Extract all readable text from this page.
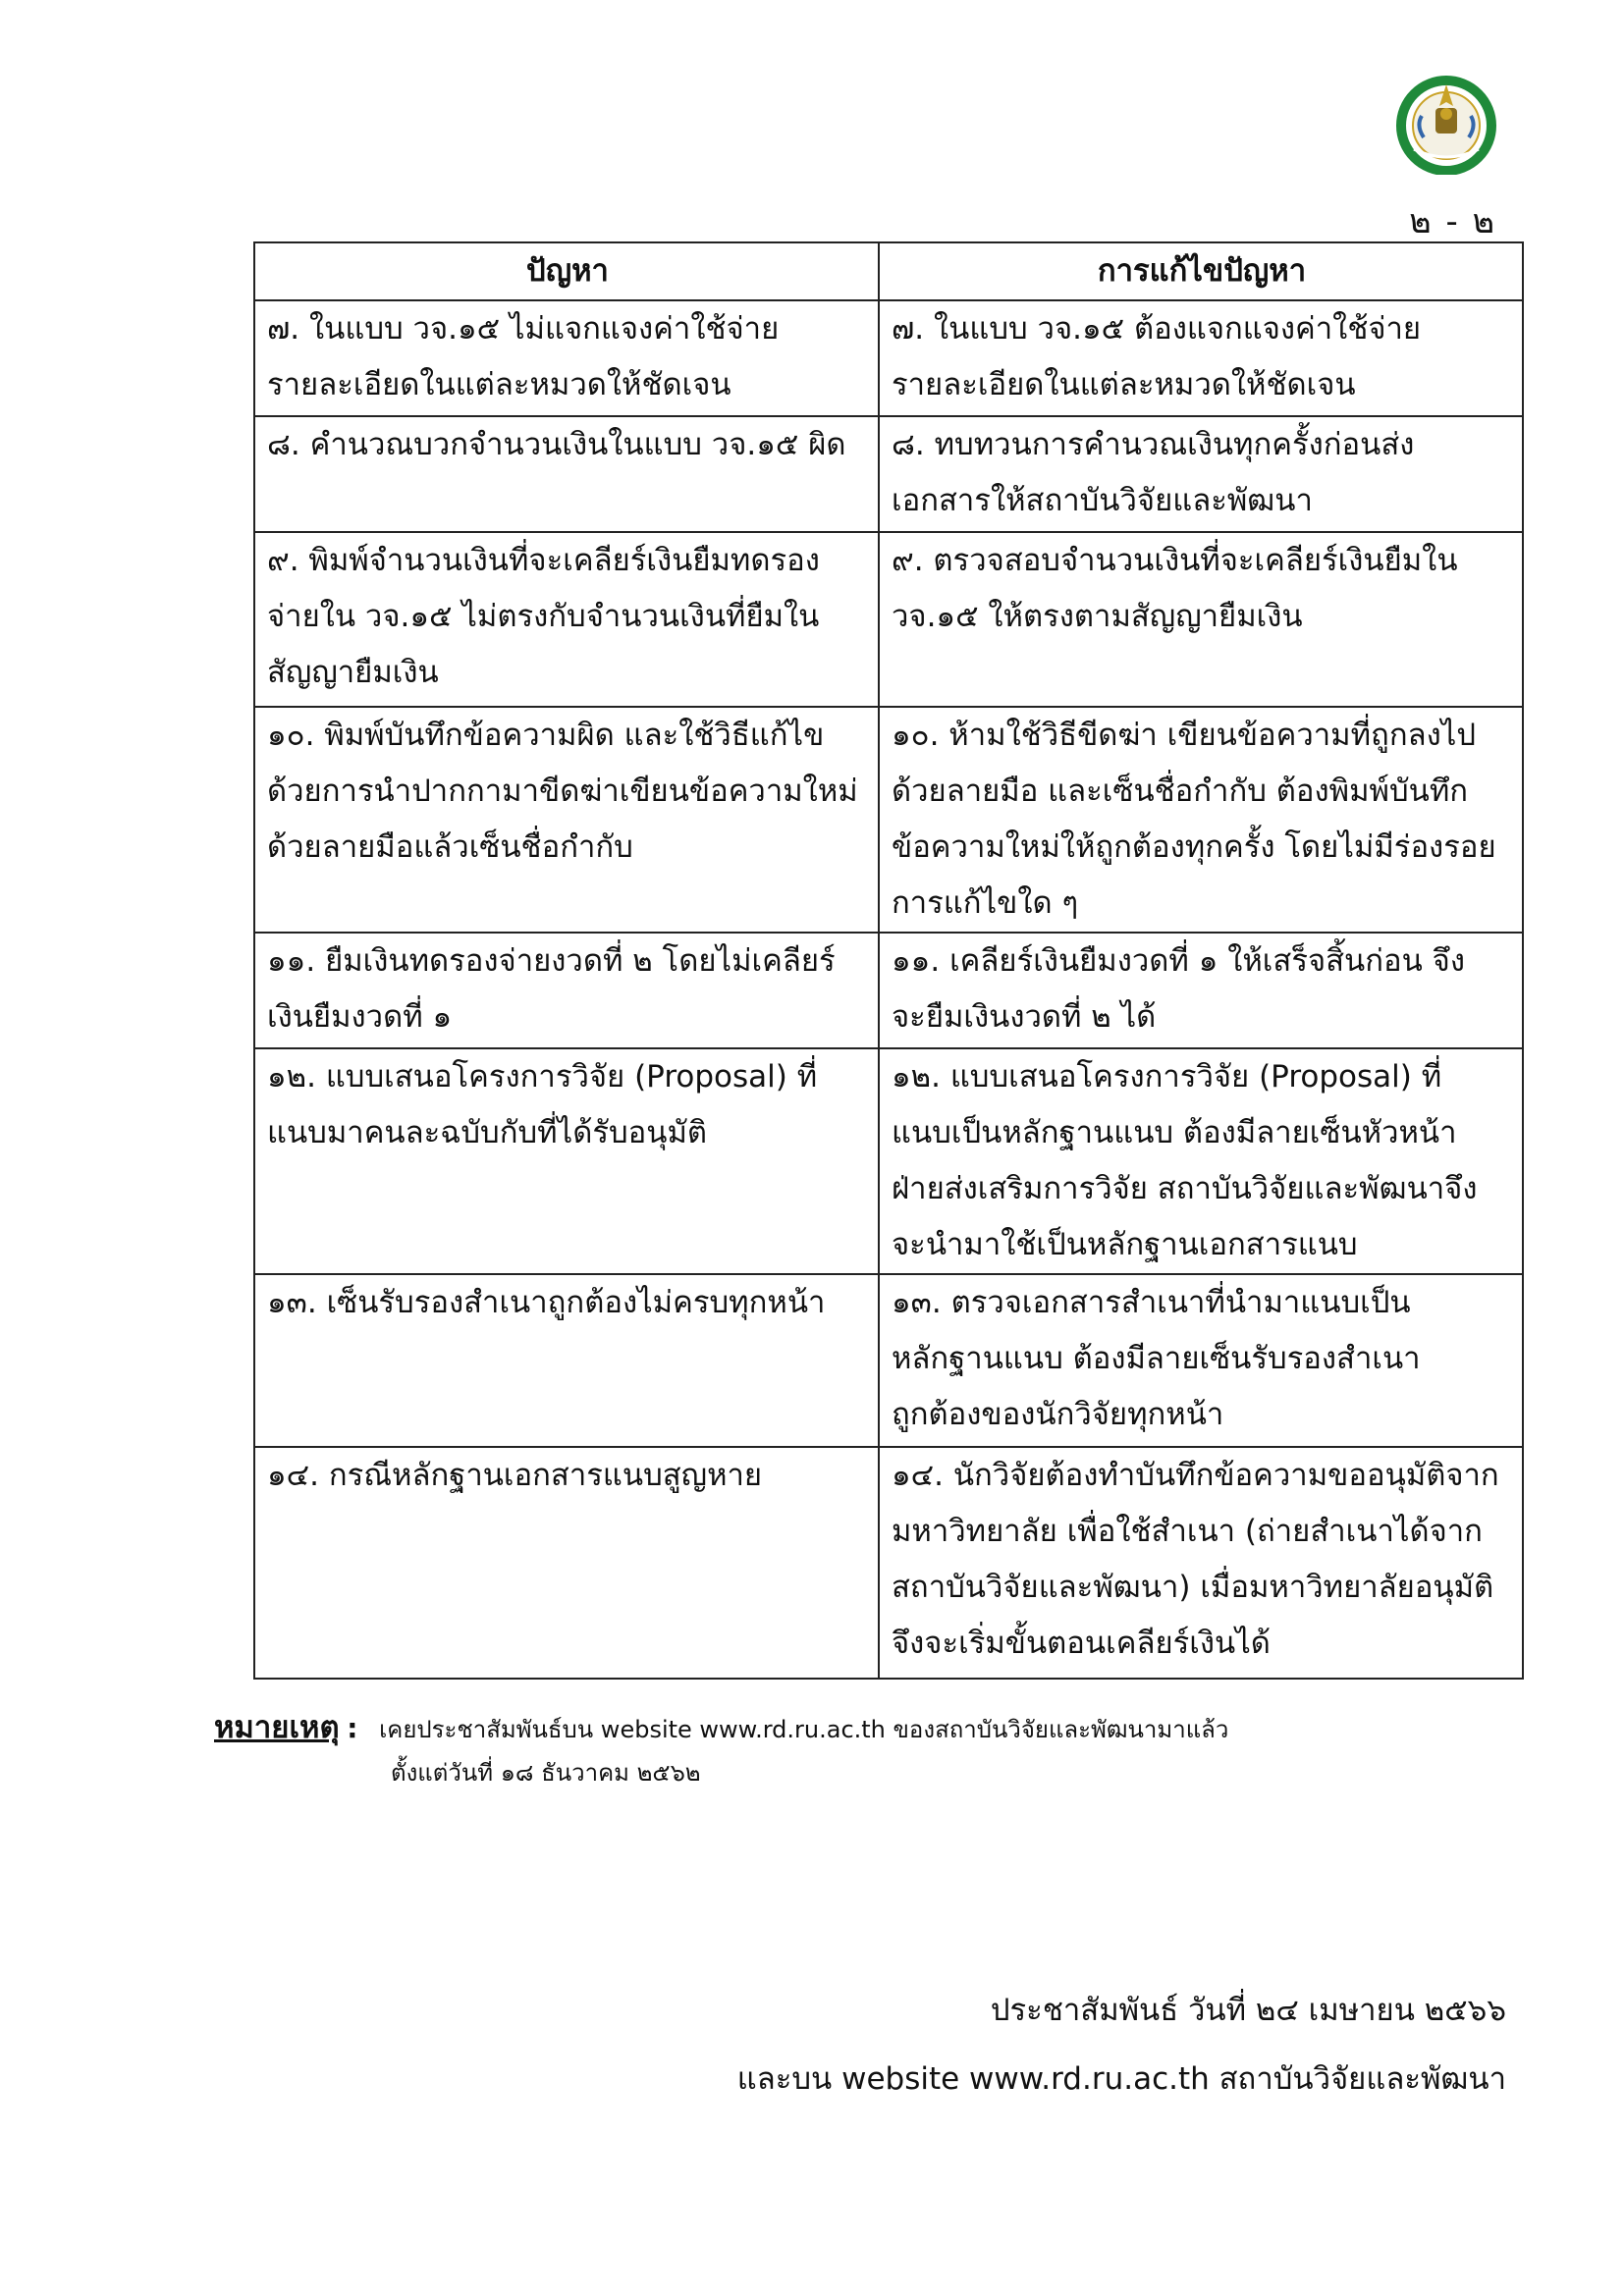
๒ - ๒
ปัญหา	การแก้ไขปัญหา

๗. ในแบบ วจ.๑๕ ไม่แจกแจงค่าใช้จ่าย
รายละเอียดในแต่ละหมวดให้ชัดเจน	๗. ในแบบ วจ.๑๕ ต้องแจกแจงค่าใช้จ่าย
รายละเอียดในแต่ละหมวดให้ชัดเจน

๘. คำนวณบวกจำนวนเงินในแบบ วจ.๑๕ ผิด	๘. ทบทวนการคำนวณเงินทุกครั้งก่อนส่ง
เอกสารให้สถาบันวิจัยและพัฒนา

๙. พิมพ์จำนวนเงินที่จะเคลียร์เงินยืมทดรอง
จ่ายใน วจ.๑๕ ไม่ตรงกับจำนวนเงินที่ยืมใน
สัญญายืมเงิน	๙. ตรวจสอบจำนวนเงินที่จะเคลียร์เงินยืมใน
วจ.๑๕ ให้ตรงตามสัญญายืมเงิน

๑๐. พิมพ์บันทึกข้อความผิด และใช้วิธีแก้ไข
ด้วยการนำปากกามาขีดฆ่าเขียนข้อความใหม่
ด้วยลายมือแล้วเซ็นชื่อกำกับ	๑๐. ห้ามใช้วิธีขีดฆ่า เขียนข้อความที่ถูกลงไป
ด้วยลายมือ และเซ็นชื่อกำกับ ต้องพิมพ์บันทึก
ข้อความใหม่ให้ถูกต้องทุกครั้ง โดยไม่มีร่องรอย
การแก้ไขใด ๆ

๑๑. ยืมเงินทดรองจ่ายงวดที่ ๒ โดยไม่เคลียร์
เงินยืมงวดที่ ๑	๑๑. เคลียร์เงินยืมงวดที่ ๑ ให้เสร็จสิ้นก่อน จึง
จะยืมเงินงวดที่ ๒ ได้

๑๒. แบบเสนอโครงการวิจัย (Proposal) ที่
แนบมาคนละฉบับกับที่ได้รับอนุมัติ	๑๒. แบบเสนอโครงการวิจัย (Proposal) ที่
แนบเป็นหลักฐานแนบ ต้องมีลายเซ็นหัวหน้า
ฝ่ายส่งเสริมการวิจัย สถาบันวิจัยและพัฒนาจึง
จะนำมาใช้เป็นหลักฐานเอกสารแนบ

๑๓. เซ็นรับรองสำเนาถูกต้องไม่ครบทุกหน้า	๑๓. ตรวจเอกสารสำเนาที่นำมาแนบเป็น
หลักฐานแนบ ต้องมีลายเซ็นรับรองสำเนา
ถูกต้องของนักวิจัยทุกหน้า

๑๔. กรณีหลักฐานเอกสารแนบสูญหาย	๑๔. นักวิจัยต้องทำบันทึกข้อความขออนุมัติจาก
มหาวิทยาลัย เพื่อใช้สำเนา (ถ่ายสำเนาได้จาก
สถาบันวิจัยและพัฒนา) เมื่อมหาวิทยาลัยอนุมัติ
จึงจะเริ่มขั้นตอนเคลียร์เงินได้
หมายเหตุ : เคยประชาสัมพันธ์บน website www.rd.ru.ac.th ของสถาบันวิจัยและพัฒนามาแล้ว
ตั้งแต่วันที่ ๑๘ ธันวาคม ๒๕๖๒
ประชาสัมพันธ์ วันที่ ๒๔ เมษายน ๒๕๖๖
และบน website www.rd.ru.ac.th สถาบันวิจัยและพัฒนา
